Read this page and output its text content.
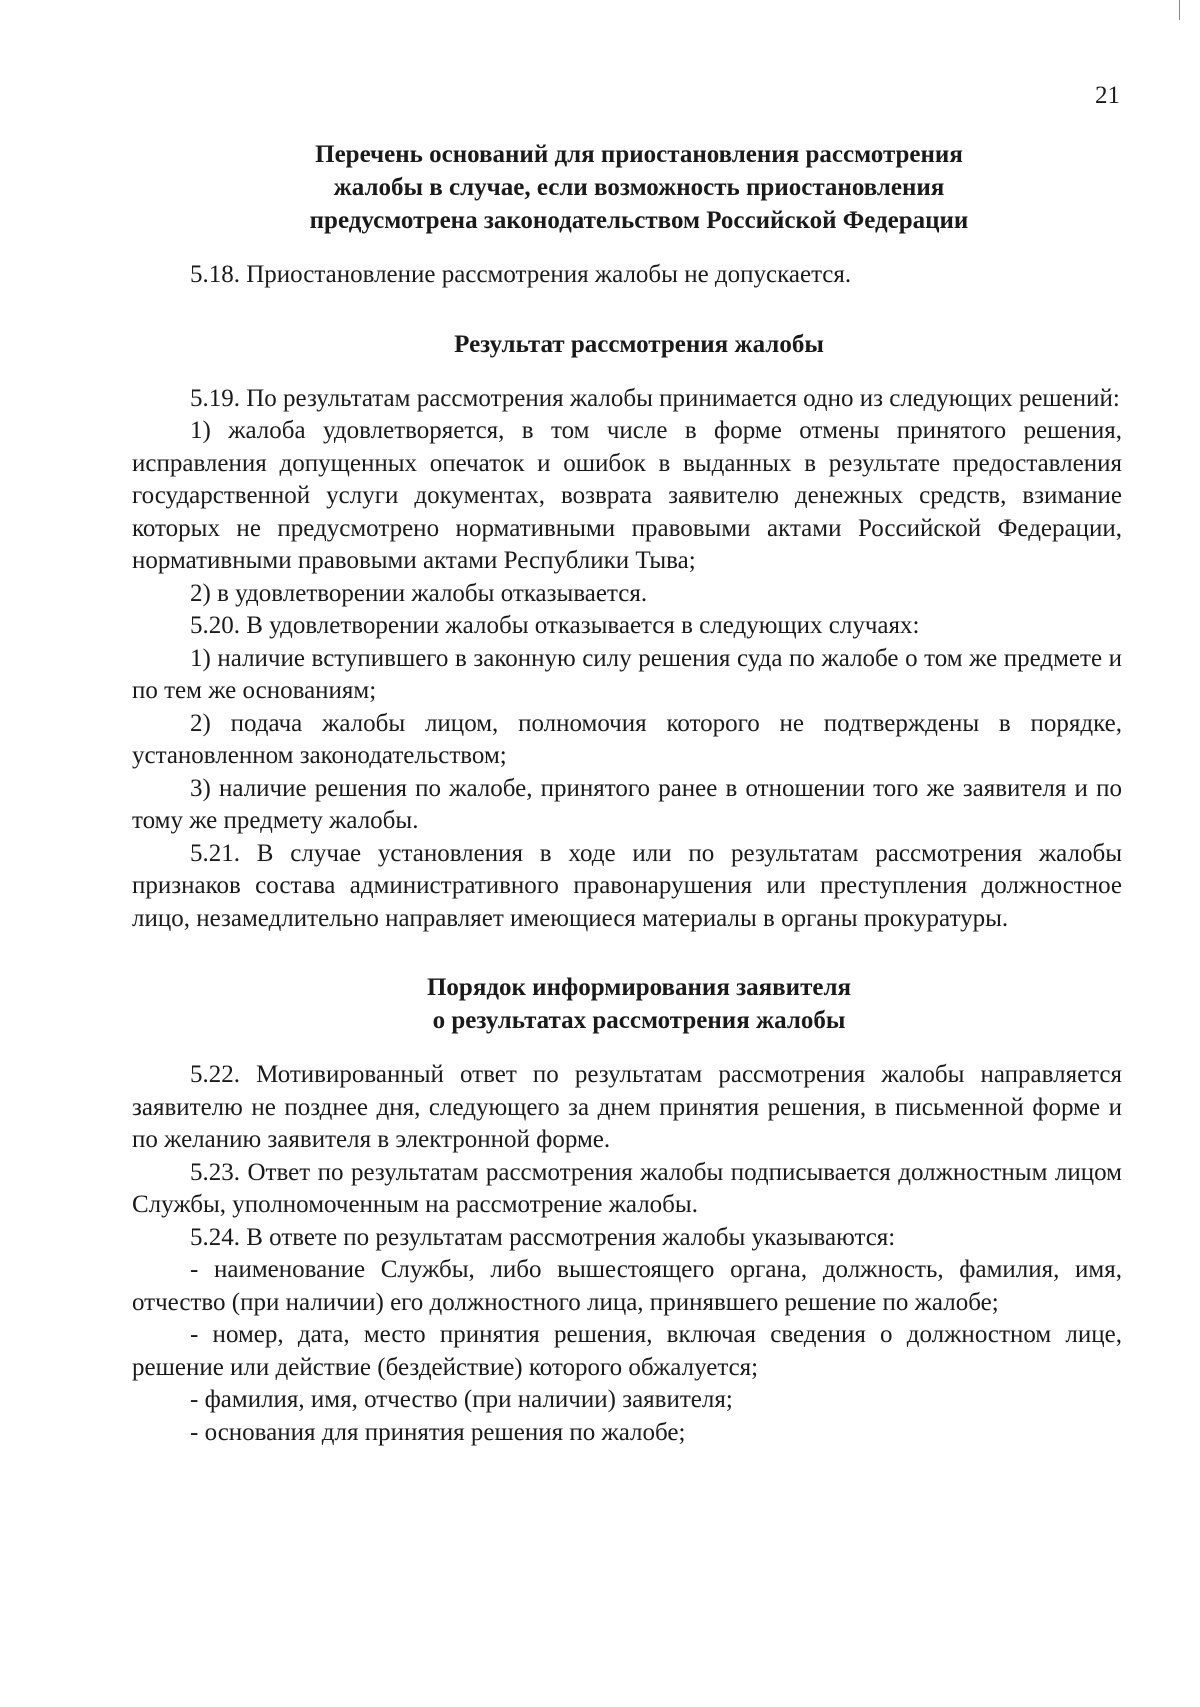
21
Перечень оснований для приостановления рассмотрения
жалобы в случае, если возможность приостановления
предусмотрена законодательством Российской Федерации

5.18. Приостановление рассмотрения жалобы не допускается.

Результат рассмотрения жалобы

5.19. По результатам рассмотрения жалобы принимается одно из следующих решений:

1) жалоба удовлетворяется, в том числе в форме отмены принятого решения, исправления допущенных опечаток и ошибок в выданных в результате предоставления государственной услуги документах, возврата заявителю денежных средств, взимание которых не предусмотрено нормативными правовыми актами Российской Федерации, нормативными правовыми актами Республики Тыва;

2) в удовлетворении жалобы отказывается.

5.20. В удовлетворении жалобы отказывается в следующих случаях:

1) наличие вступившего в законную силу решения суда по жалобе о том же предмете и по тем же основаниям;

2) подача жалобы лицом, полномочия которого не подтверждены в порядке, установленном законодательством;

3) наличие решения по жалобе, принятого ранее в отношении того же заявителя и по тому же предмету жалобы.

5.21. В случае установления в ходе или по результатам рассмотрения жалобы признаков состава административного правонарушения или преступления должностное лицо, незамедлительно направляет имеющиеся материалы в органы прокуратуры.

Порядок информирования заявителя
о результатах рассмотрения жалобы

5.22. Мотивированный ответ по результатам рассмотрения жалобы направляется заявителю не позднее дня, следующего за днем принятия решения, в письменной форме и по желанию заявителя в электронной форме.

5.23. Ответ по результатам рассмотрения жалобы подписывается должностным лицом Службы, уполномоченным на рассмотрение жалобы.

5.24. В ответе по результатам рассмотрения жалобы указываются:

- наименование Службы, либо вышестоящего органа, должность, фамилия, имя, отчество (при наличии) его должностного лица, принявшего решение по жалобе;

- номер, дата, место принятия решения, включая сведения о должностном лице, решение или действие (бездействие) которого обжалуется;

- фамилия, имя, отчество (при наличии) заявителя;

- основания для принятия решения по жалобе;
